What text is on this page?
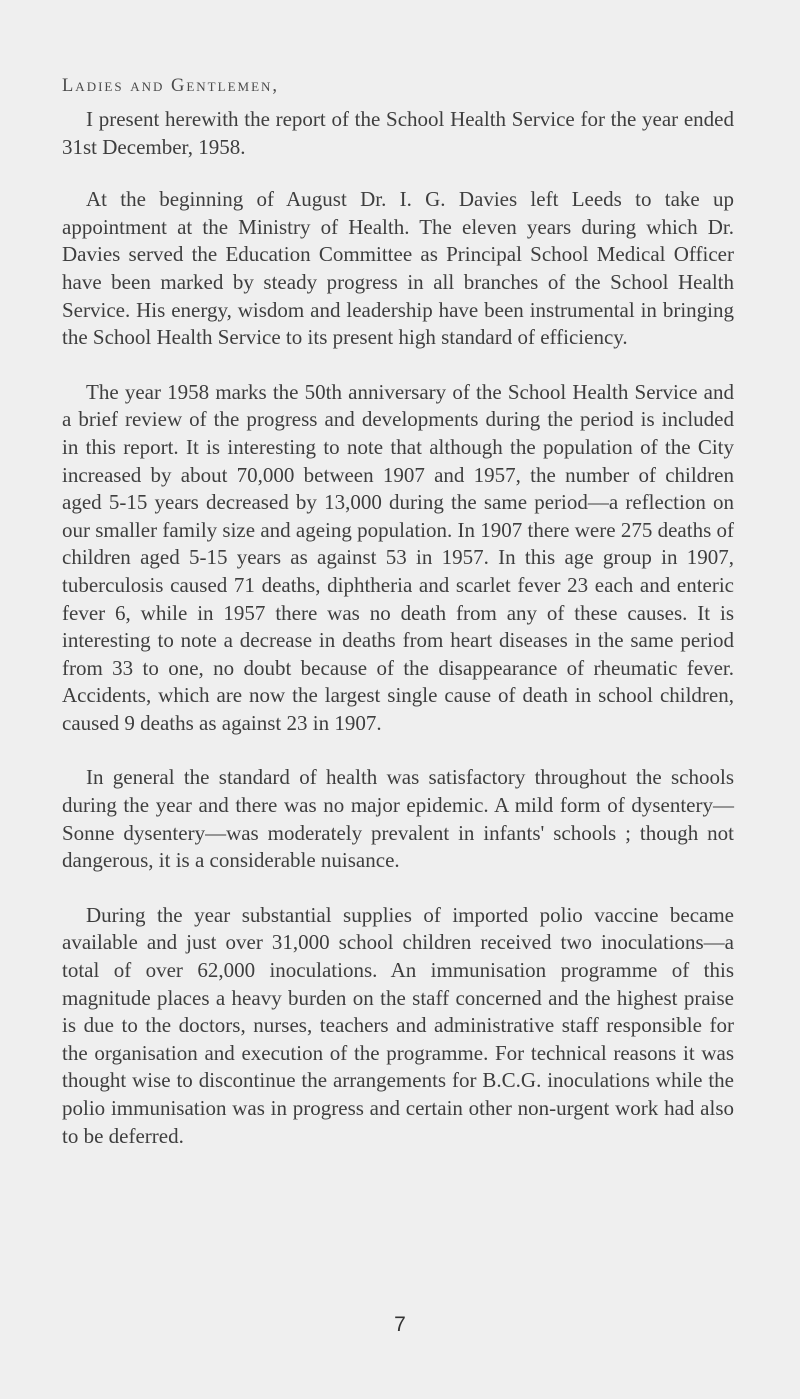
Ladies and Gentlemen,

I present herewith the report of the School Health Service for the year ended 31st December, 1958.

At the beginning of August Dr. I. G. Davies left Leeds to take up appointment at the Ministry of Health. The eleven years during which Dr. Davies served the Education Committee as Principal School Medical Officer have been marked by steady progress in all branches of the School Health Service. His energy, wisdom and leadership have been instrumental in bringing the School Health Service to its present high standard of efficiency.

The year 1958 marks the 50th anniversary of the School Health Service and a brief review of the progress and developments during the period is included in this report. It is interesting to note that although the population of the City increased by about 70,000 between 1907 and 1957, the number of children aged 5-15 years decreased by 13,000 during the same period—a reflection on our smaller family size and ageing population. In 1907 there were 275 deaths of children aged 5-15 years as against 53 in 1957. In this age group in 1907, tuberculosis caused 71 deaths, diphtheria and scarlet fever 23 each and enteric fever 6, while in 1957 there was no death from any of these causes. It is interesting to note a decrease in deaths from heart diseases in the same period from 33 to one, no doubt because of the disappearance of rheumatic fever. Accidents, which are now the largest single cause of death in school children, caused 9 deaths as against 23 in 1907.

In general the standard of health was satisfactory throughout the schools during the year and there was no major epidemic. A mild form of dysentery—Sonne dysentery—was moderately prevalent in infants' schools ; though not dangerous, it is a considerable nuisance.

During the year substantial supplies of imported polio vaccine became available and just over 31,000 school children received two inoculations—a total of over 62,000 inoculations. An immunisation programme of this magnitude places a heavy burden on the staff concerned and the highest praise is due to the doctors, nurses, teachers and administrative staff responsible for the organisation and execution of the programme. For technical reasons it was thought wise to discontinue the arrangements for B.C.G. inoculations while the polio immunisation was in progress and certain other non-urgent work had also to be deferred.

7
